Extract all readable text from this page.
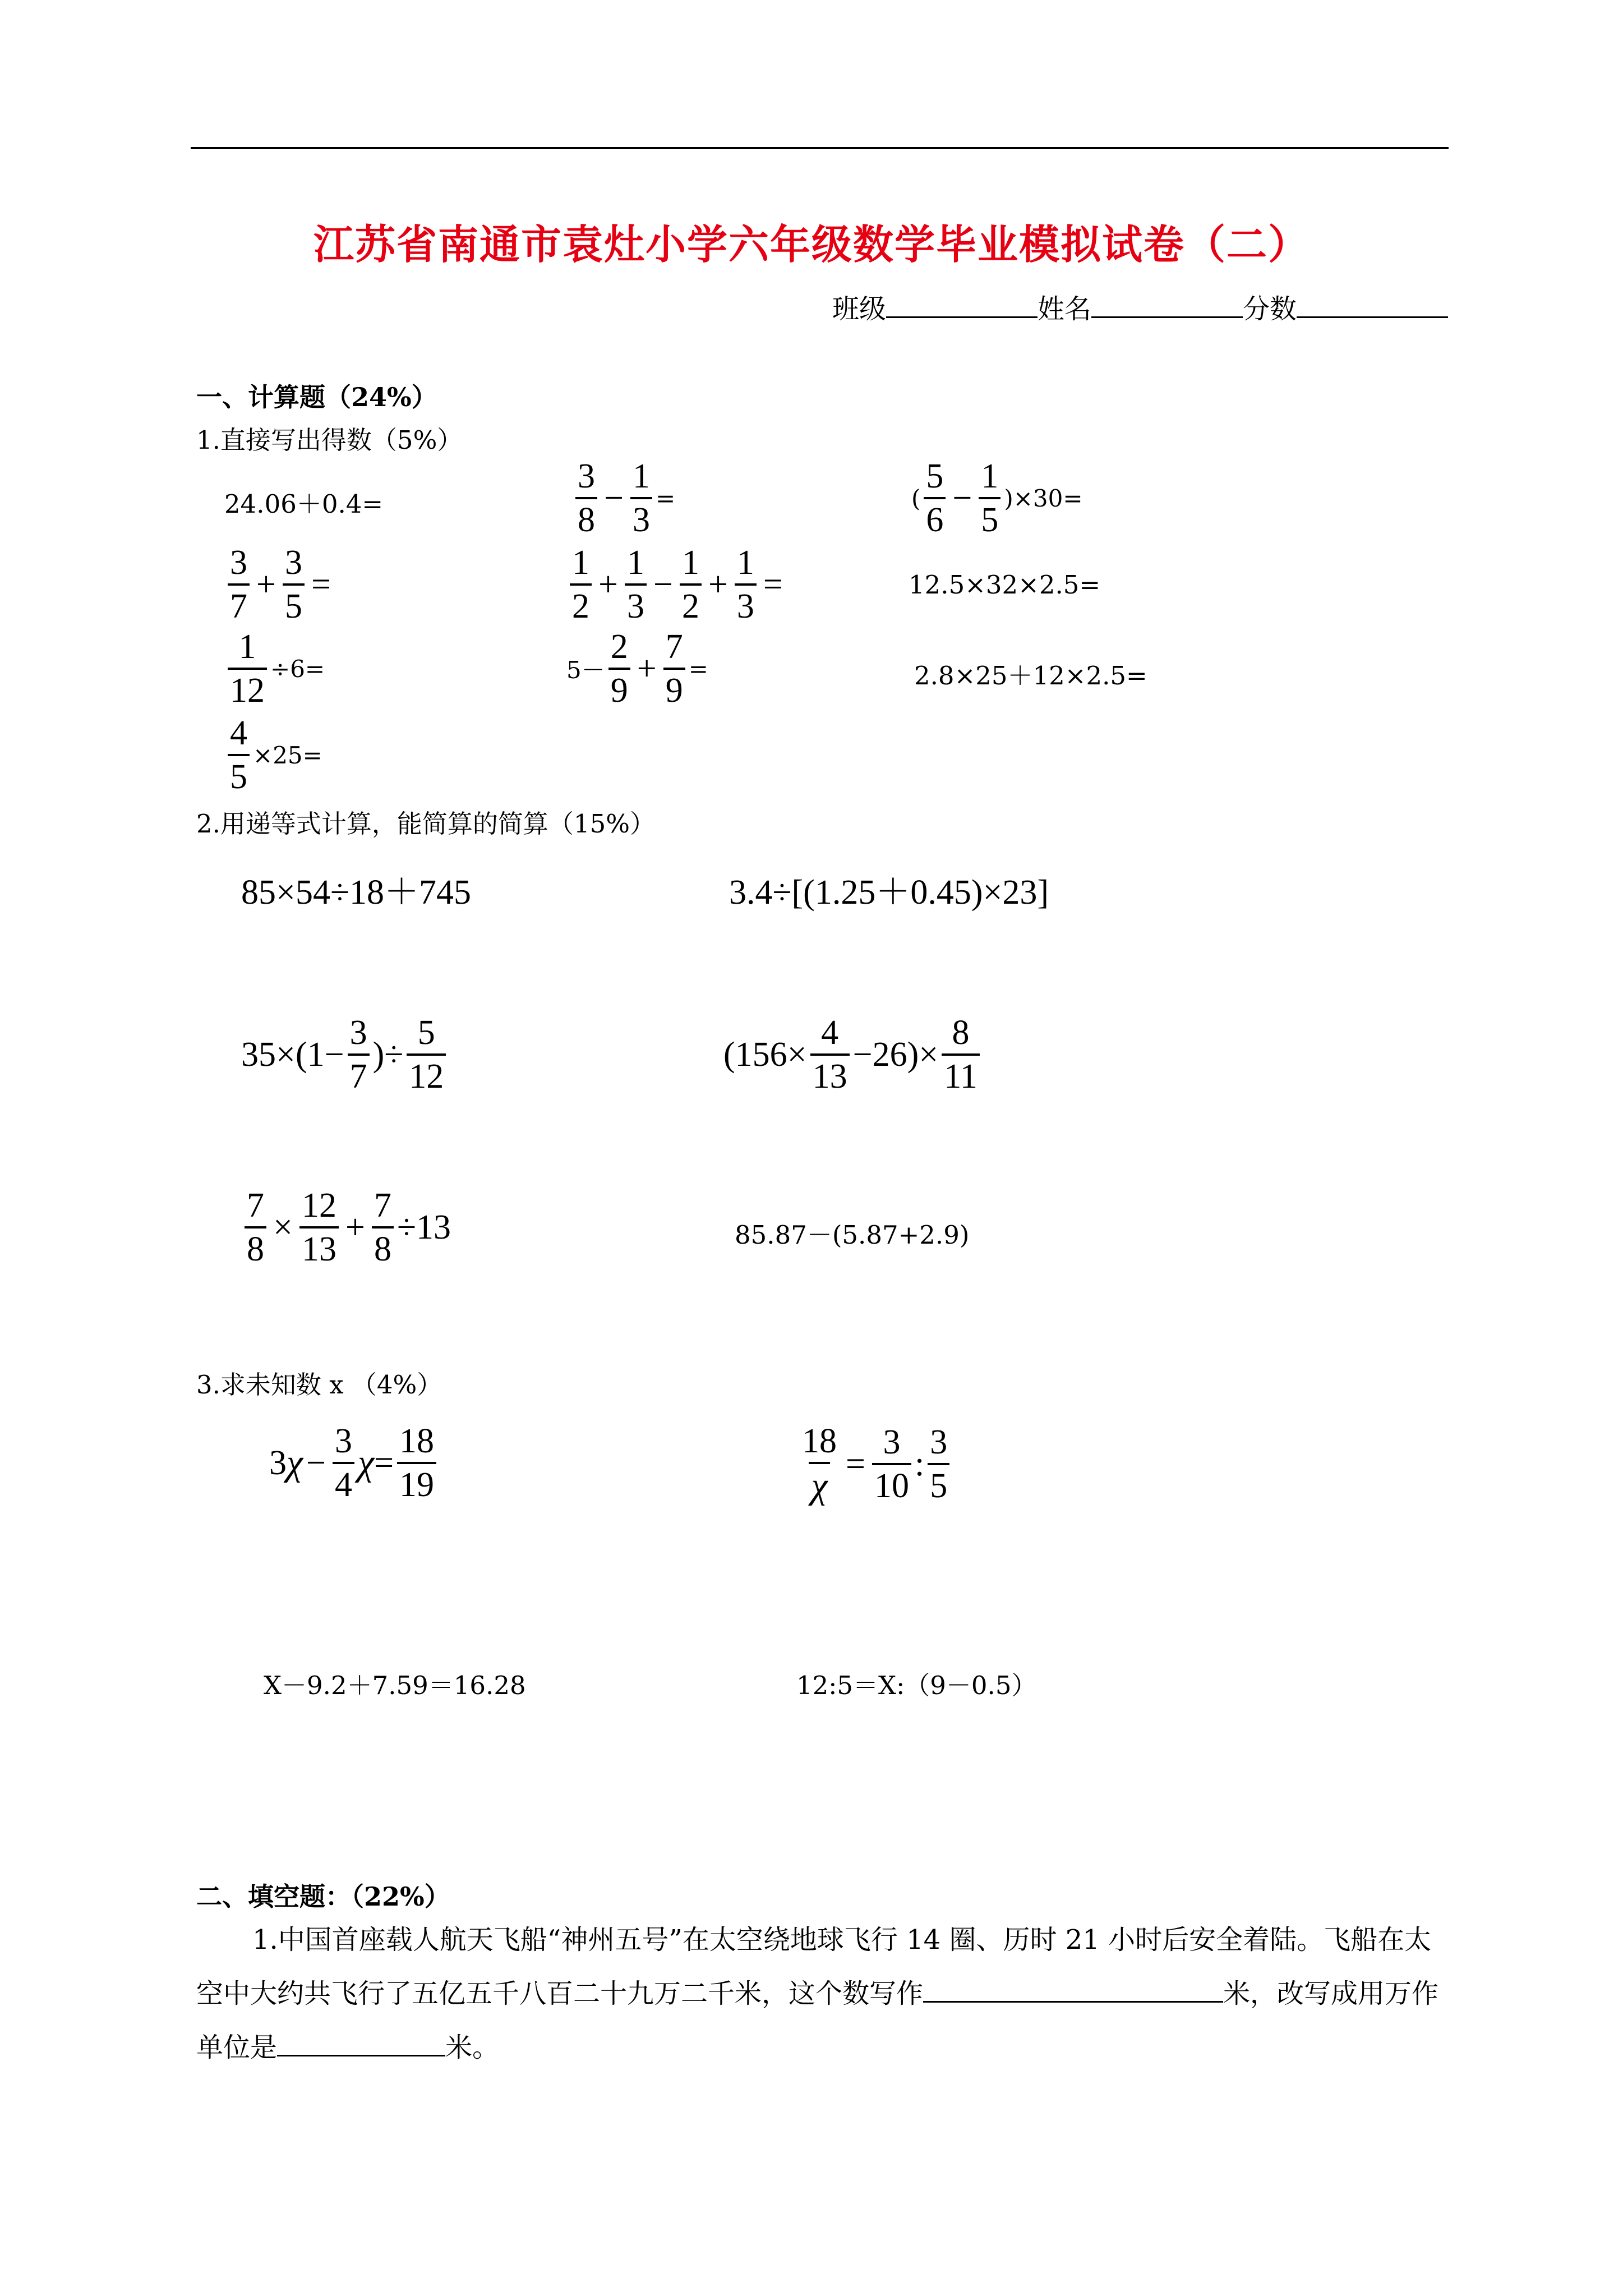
江苏省南通市袁灶小学六年级数学毕业模拟试卷（二）
班级	姓名	分数
一、计算题（24%）
1.直接写出得数（5%）
24.06＋0.4=	$\frac{3}{8} - \frac{1}{3}$ =	( $\frac{5}{6} - \frac{1}{5} )\times 30=$
$\frac{3}{7} + \frac{3}{5}$ =	$\frac{1}{2} + \frac{1}{3} - \frac{1}{2} + \frac{1}{3}$ =	12.5×32×2.5=
$\frac{1}{12} \div 6=$	$5- \frac{2}{9} + \frac{7}{9}$ =	2.8×25＋12×2.5=
$\frac{4}{5} \times 25=$
2.用递等式计算，能简算的简算（15%）
85×54÷18＋745	3.4÷[(1.25＋0.45)×23]
$35\times(1- \frac{3}{7}$ )÷ $\frac{5}{12}$	$(156\times \frac{4}{13} -26)\times \frac{8}{11}$
$\frac{7}{8} \times \frac{12}{13} + \frac{7}{8} \div 13$	85.87－(5.87+2.9)
3.求未知数 x （4%）
3 $\chi - \frac{3}{4}$ $\chi = \frac{18}{19}$	$\frac{18}{\chi} = \frac{3}{10}$ : $\frac{3}{5}$
X－9.2＋7.59＝16.28	12:5＝X:（9－0.5）
二、填空题：（22%）
1.中国首座载人航天飞船“神州五号”在太空绕地球飞行 14 圈、历时 21 小时后安全着陆。飞船在太空中大约共飞行了五亿五千八百二十九万二千米，这个数写作	米，改写成用万作单位是	米。
